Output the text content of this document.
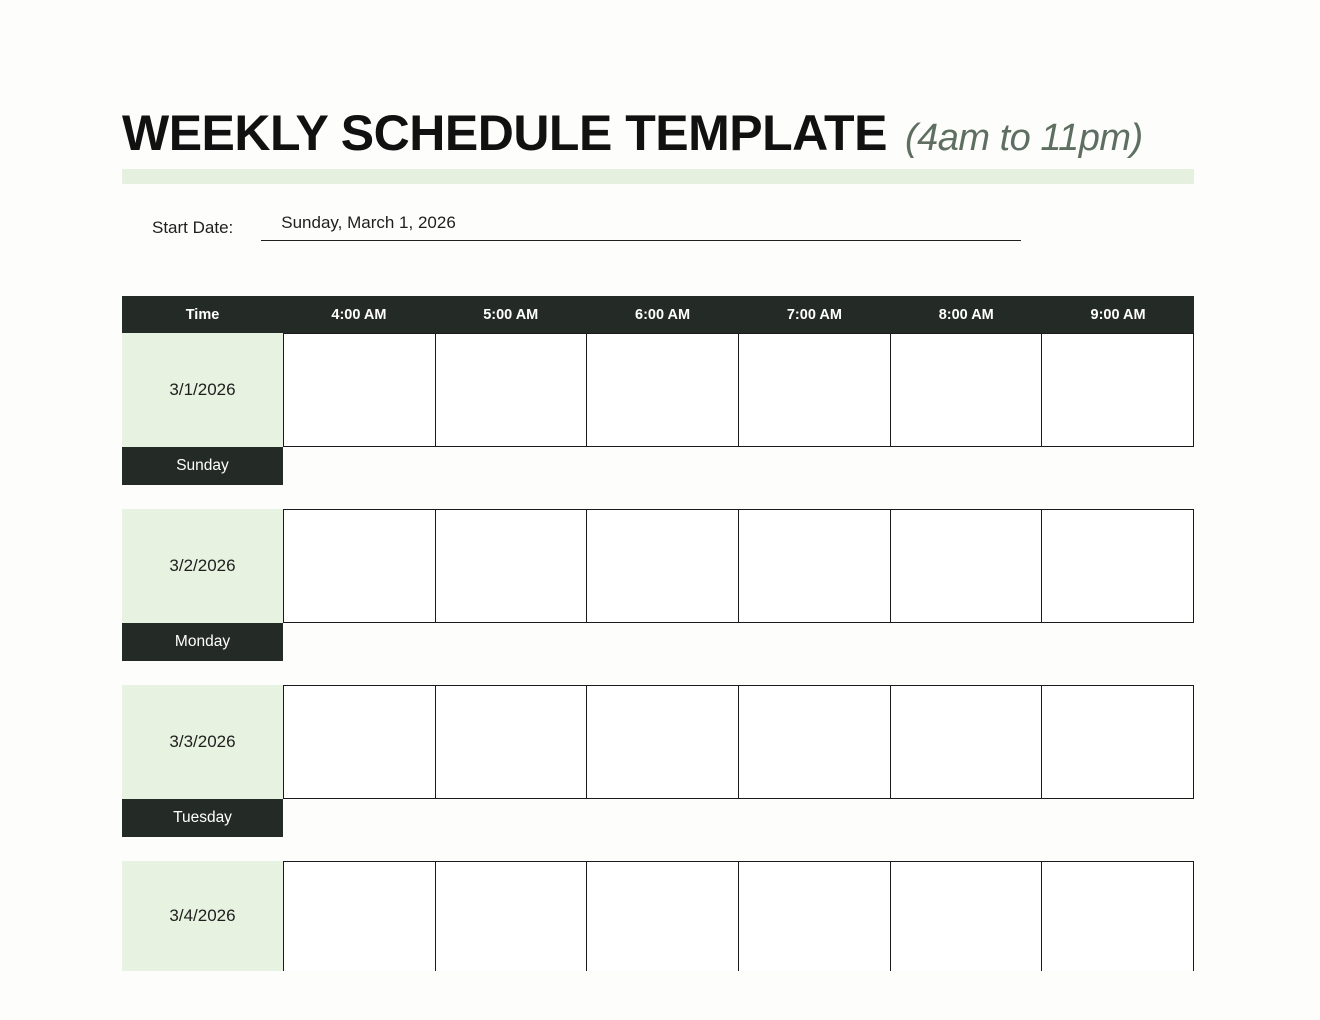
WEEKLY SCHEDULE TEMPLATE (4am to 11pm)
Start Date:	Sunday, March 1, 2026
Time	4:00 AM	5:00 AM	6:00 AM	7:00 AM	8:00 AM	9:00 AM
3/1/2026
Sunday
3/2/2026
Monday
3/3/2026
Tuesday
3/4/2026
